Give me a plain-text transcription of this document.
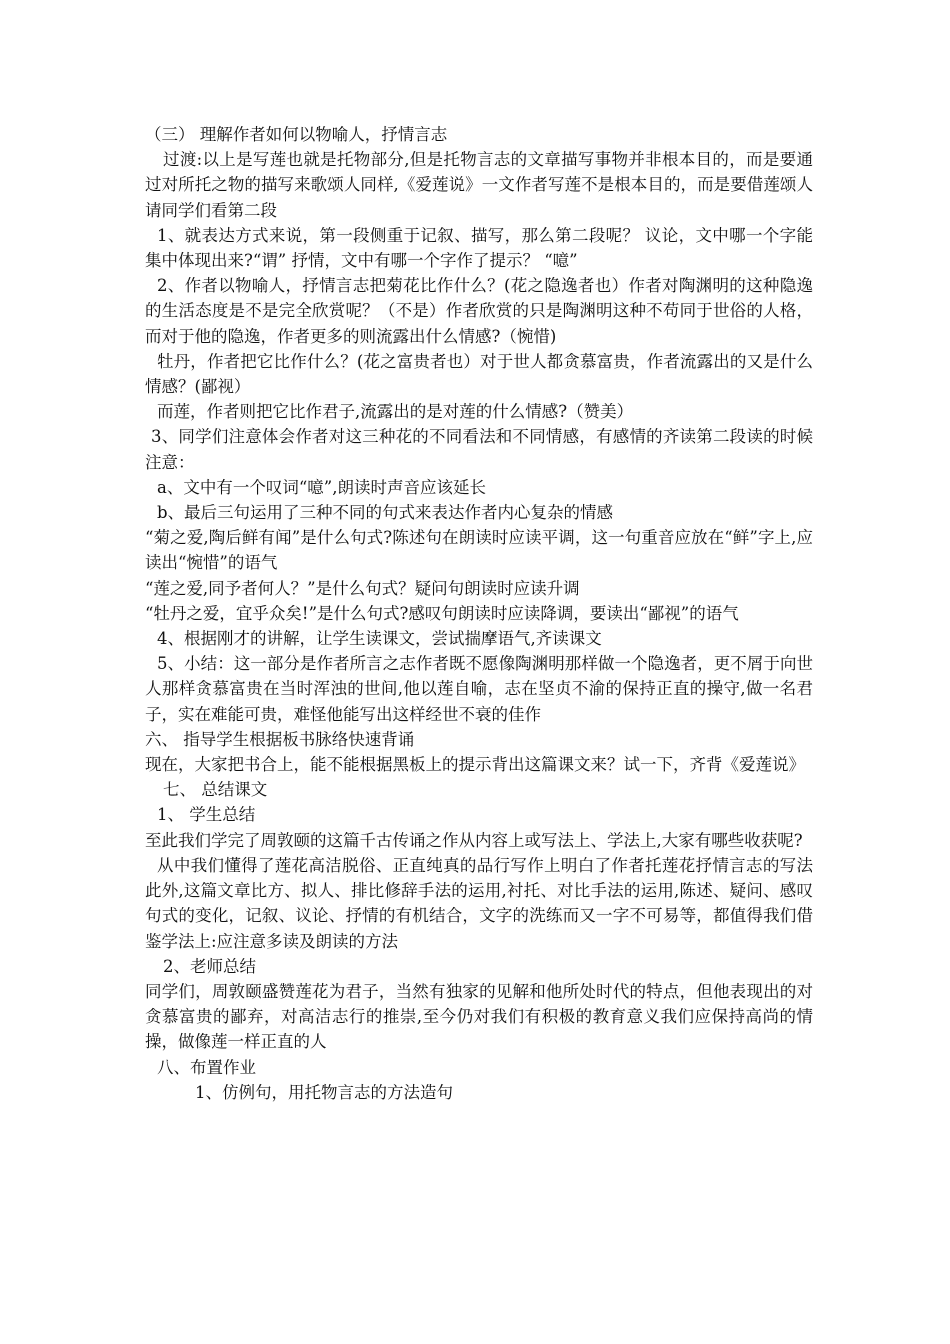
（三） 理解作者如何以物喻人，抒情言志

过渡:以上是写莲也就是托物部分,但是托物言志的文章描写事物并非根本目的，而是要通过对所托之物的描写来歌颂人同样,《爱莲说》一文作者写莲不是根本目的，而是要借莲颂人请同学们看第二段

1、就表达方式来说，第一段侧重于记叙、描写，那么第二段呢？ 议论，文中哪一个字能集中体现出来?“谓” 抒情，文中有哪一个字作了提示？ “噫”

2、作者以物喻人，抒情言志把菊花比作什么？(花之隐逸者也）作者对陶渊明的这种隐逸的生活态度是不是完全欣赏呢？（不是）作者欣赏的只是陶渊明这种不苟同于世俗的人格，而对于他的隐逸，作者更多的则流露出什么情感?（惋惜)

牡丹，作者把它比作什么？(花之富贵者也）对于世人都贪慕富贵，作者流露出的又是什么情感？(鄙视）

而莲，作者则把它比作君子,流露出的是对莲的什么情感?（赞美）

3、同学们注意体会作者对这三种花的不同看法和不同情感，有感情的齐读第二段读的时候注意：

a、文中有一个叹词“噫”,朗读时声音应该延长

b、最后三句运用了三种不同的句式来表达作者内心复杂的情感

“菊之爱,陶后鲜有闻”是什么句式?陈述句在朗读时应读平调，这一句重音应放在“鲜”字上,应读出“惋惜”的语气

“莲之爱,同予者何人？”是什么句式？疑问句朗读时应读升调

“牡丹之爱，宜乎众矣!”是什么句式?感叹句朗读时应读降调，要读出“鄙视”的语气

4、根据刚才的讲解，让学生读课文，尝试揣摩语气,齐读课文

5、小结：这一部分是作者所言之志作者既不愿像陶渊明那样做一个隐逸者，更不屑于向世人那样贪慕富贵在当时浑浊的世间,他以莲自喻，志在坚贞不渝的保持正直的操守,做一名君子，实在难能可贵，难怪他能写出这样经世不衰的佳作

六、 指导学生根据板书脉络快速背诵

现在，大家把书合上，能不能根据黑板上的提示背出这篇课文来？试一下，齐背《爱莲说》

七、 总结课文

1、 学生总结

至此我们学完了周敦颐的这篇千古传诵之作从内容上或写法上、学法上,大家有哪些收获呢?

从中我们懂得了莲花高洁脱俗、正直纯真的品行写作上明白了作者托莲花抒情言志的写法此外,这篇文章比方、拟人、排比修辞手法的运用,衬托、对比手法的运用,陈述、疑问、感叹句式的变化，记叙、议论、抒情的有机结合，文字的洗练而又一字不可易等，都值得我们借鉴学法上:应注意多读及朗读的方法

2、老师总结

同学们，周敦颐盛赞莲花为君子，当然有独家的见解和他所处时代的特点，但他表现出的对贪慕富贵的鄙弃，对高洁志行的推崇,至今仍对我们有积极的教育意义我们应保持高尚的情操，做像莲一样正直的人

八、布置作业

1、仿例句，用托物言志的方法造句
